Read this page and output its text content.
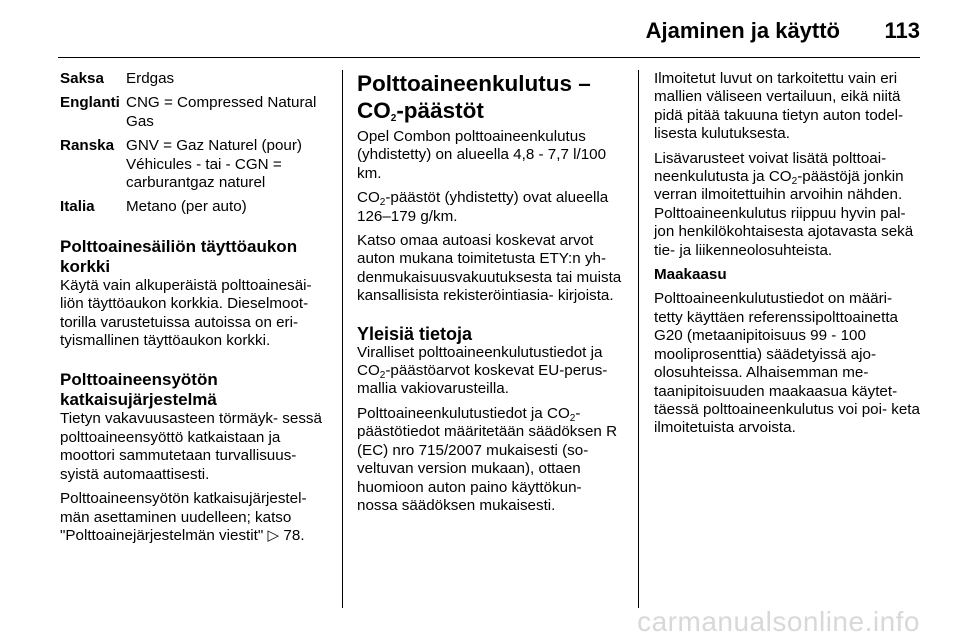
Ajaminen ja käyttö 113
Saksa	Erdgas
Englanti CNG = Compressed Natural Gas
Ranska GNV = Gaz Naturel (pour) Véhicules - tai - CGN = carburantgaz naturel
Italia	Metano (per auto)
Polttoainesäiliön täyttöaukon korkki

Käytä vain alkuperäistä polttoainesäi- liön täyttöaukon korkkia. Dieselmoot- torilla varustetuissa autoissa on eri- tyismallinen täyttöaukon korkki.

Polttoaineensyötön katkaisujärjestelmä

Tietyn vakavuusasteen törmäyk- sessä polttoaineensyöttö katkaistaan ja moottori sammutetaan turvallisuus- syistä automaattisesti.

Polttoaineensyötön katkaisujärjestel- män asettaminen uudelleen; katso "Polttoainejärjestelmän viestit" ▷ 78.

Polttoaineenkulutus –
$CO_2$-päästöt

Opel Combon polttoaineenkulutus (yhdistetty) on alueella 4,8 - 7,7 l/100 km.

$CO_2$-päästöt (yhdistetty) ovat alueella 126–179 g/km.

Katso omaa autoasi koskevat arvot auton mukana toimitetusta ETY:n yh- denmukaisuusvakuutuksesta tai muista kansallisista rekisteröintiasia- kirjoista.

Yleisiä tietoja

Viralliset polttoaineenkulutustiedot ja $CO_2$-päästöarvot koskevat EU-perus- mallia vakiovarusteilla.

Polttoaineenkulutustiedot ja $CO_2-$ päästötiedot määritetään säädöksen R (EC) nro 715/2007 mukaisesti (so- veltuvan version mukaan), ottaen huomioon auton paino käyttökun- nossa säädöksen mukaisesti.

Ilmoitetut luvut on tarkoitettu vain eri mallien väliseen vertailuun, eikä niitä pidä pitää takuuna tietyn auton todel- lisesta kulutuksesta.

Lisävarusteet voivat lisätä polttoai- neenkulutusta ja $CO_2$-päästöjä jonkin verran ilmoitettuihin arvoihin nähden. Polttoaineenkulutus riippuu hyvin pal- jon henkilökohtaisesta ajotavasta sekä tie- ja liikenneolosuhteista.

Maakaasu

Polttoaineenkulutustiedot on määri- tetty käyttäen referenssipolttoainetta G20 (metaanipitoisuus 99 - 100 mooliprosenttia) säädetyissä ajo-olosuhteissa. Alhaisemman me- taanipitoisuuden maakaasua käytet- täessä polttoaineenkulutus voi poi- keta ilmoitetuista arvoista.

carmanualsonline.info
